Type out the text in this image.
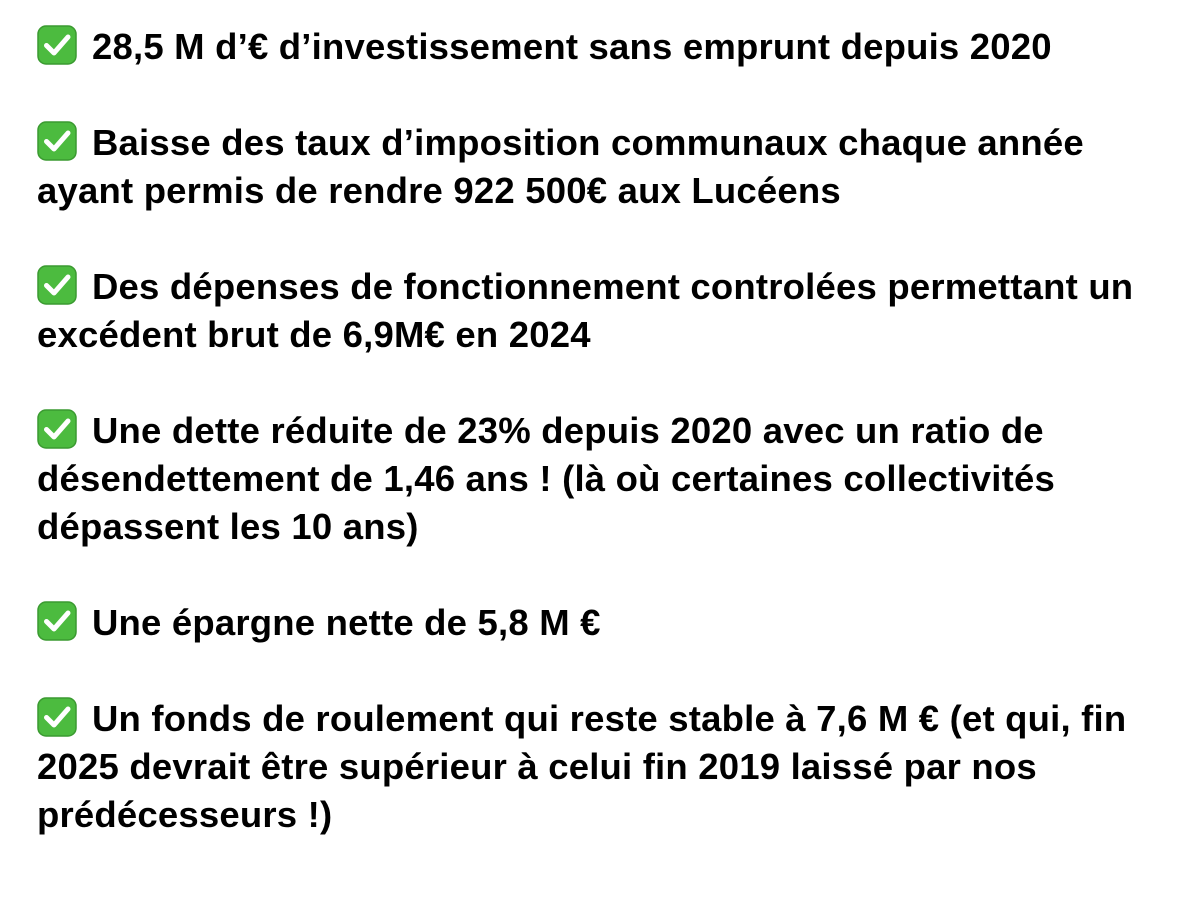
28,5 M d’€ d’investissement sans emprunt depuis 2020

Baisse des taux d’imposition communaux chaque année ayant permis de rendre 922 500€ aux Lucéens

Des dépenses de fonctionnement controlées permettant un excédent brut de 6,9M€ en 2024

Une dette réduite de 23% depuis 2020 avec un ratio de désendettement de 1,46 ans ! (là où certaines collectivités dépassent les 10 ans)

Une épargne nette de 5,8 M €

Un fonds de roulement qui reste stable à 7,6 M € (et qui, fin 2025 devrait être supérieur à celui fin 2019 laissé par nos prédécesseurs !)
